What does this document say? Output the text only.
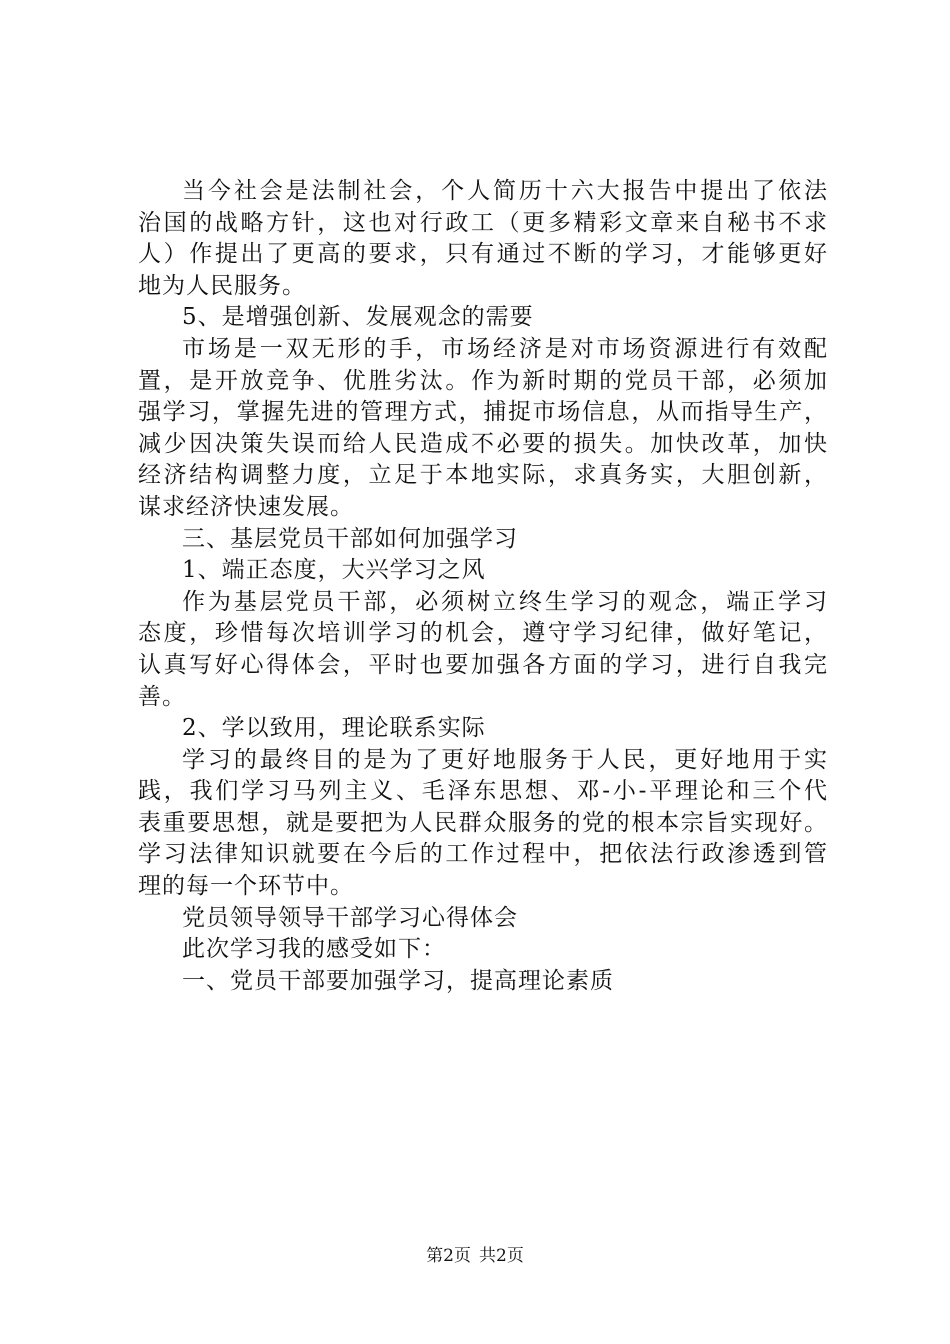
当今社会是法制社会，个人简历十六大报告中提出了依法
治国的战略方针，这也对行政工（更多精彩文章来自秘书不求
人）作提出了更高的要求，只有通过不断的学习，才能够更好
地为人民服务。
5、是增强创新、发展观念的需要
市场是一双无形的手，市场经济是对市场资源进行有效配
置，是开放竞争、优胜劣汰。作为新时期的党员干部，必须加
强学习，掌握先进的管理方式，捕捉市场信息，从而指导生产，
减少因决策失误而给人民造成不必要的损失。加快改革，加快
经济结构调整力度，立足于本地实际，求真务实，大胆创新，
谋求经济快速发展。
三、基层党员干部如何加强学习
1、端正态度，大兴学习之风
作为基层党员干部，必须树立终生学习的观念，端正学习
态度，珍惜每次培训学习的机会，遵守学习纪律，做好笔记，
认真写好心得体会，平时也要加强各方面的学习，进行自我完
善。
2、学以致用，理论联系实际
学习的最终目的是为了更好地服务于人民，更好地用于实
践，我们学习马列主义、毛泽东思想、邓-小-平理论和三个代
表重要思想，就是要把为人民群众服务的党的根本宗旨实现好。
学习法律知识就要在今后的工作过程中，把依法行政渗透到管
理的每一个环节中。
党员领导领导干部学习心得体会
此次学习我的感受如下：
一、党员干部要加强学习，提高理论素质
第2页 共2页
